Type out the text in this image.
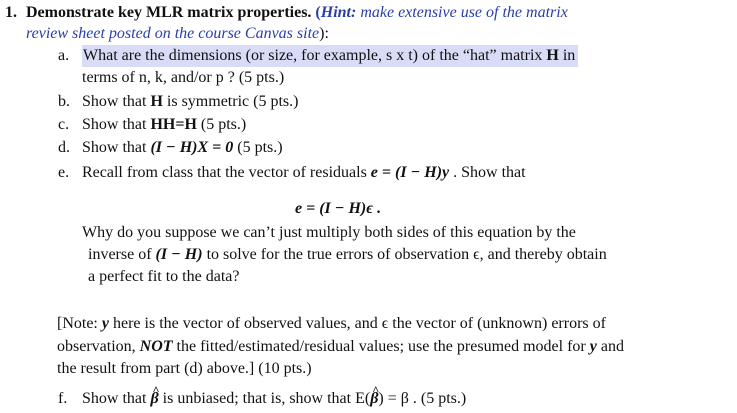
1. Demonstrate key MLR matrix properties. (Hint: make extensive use of the matrix
review sheet posted on the course Canvas site):
a. What are the dimensions (or size, for example, s x t) of the “hat” matrix H in
terms of n, k, and/or p ? (5 pts.)
b. Show that H is symmetric (5 pts.)
c. Show that HH=H (5 pts.)
d. Show that (I − H)X = 0 (5 pts.)
e. Recall from class that the vector of residuals e = (I − H)y . Show that
e = (I − H)ϵ .
Why do you suppose we can’t just multiply both sides of this equation by the
inverse of (I − H) to solve for the true errors of observation ϵ, and thereby obtain
a perfect fit to the data?
[Note: y here is the vector of observed values, and ϵ the vector of (unknown) errors of
observation, NOT the fitted/estimated/residual values; use the presumed model for y and
the result from part (d) above.] (10 pts.)
f. Show that ^ β is unbiased; that is, show that E(^ β) = β . (5 pts.)
